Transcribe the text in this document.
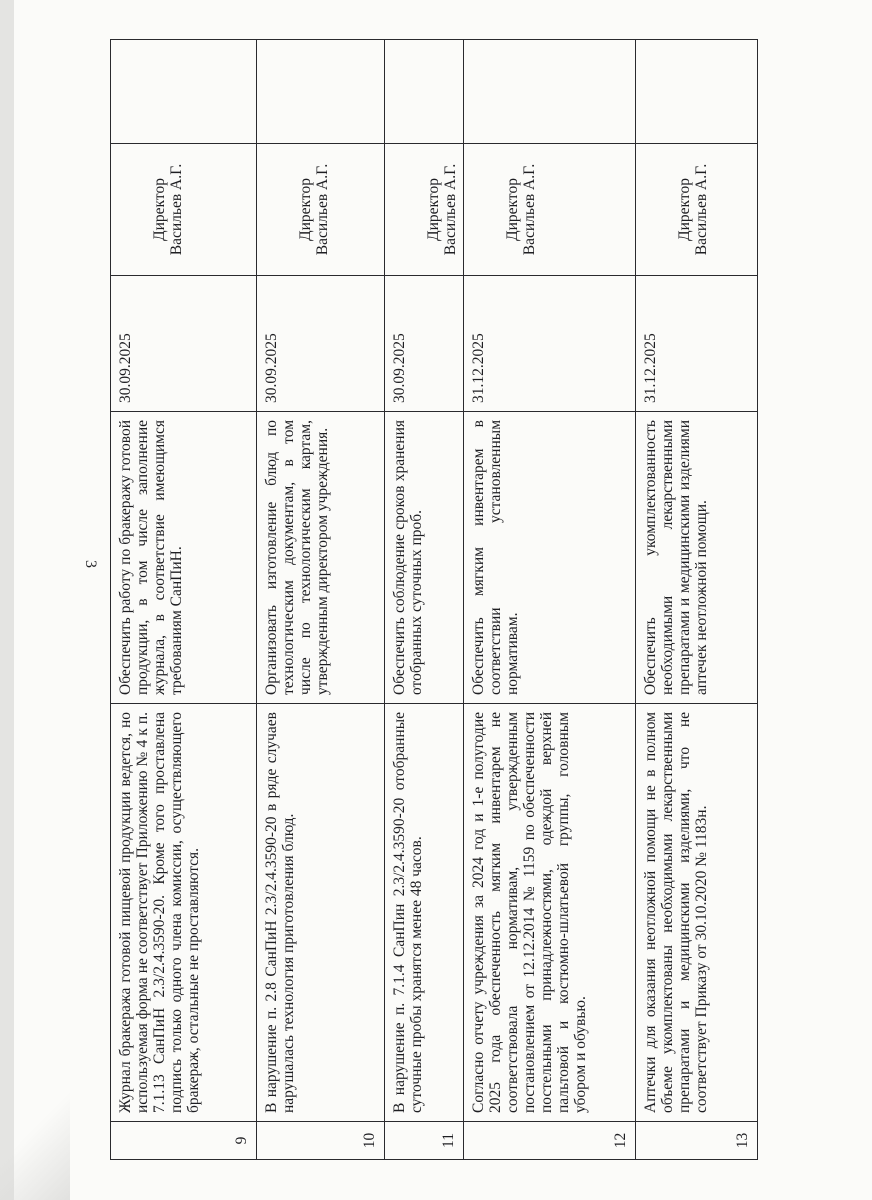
3
9	Журнал бракеража готовой пищевой продукции ведется, но используемая форма не соответствует Приложению № 4 к п. 7.1.13 СанПиН 2.3/2.4.3590-20. Кроме того проставлена подпись только одного члена комиссии, осуществляющего бракераж, остальные не проставляются.	Обеспечить работу по бракеражу готовой продукции, в том числе заполнение журнала, в соответствие имеющимся требованиям СанПиН.	30.09.2025	Директор Васильев А.Г.	
10	В нарушение п. 2.8 СанПиН 2.3/2.4.3590-20 в ряде случаев нарушалась технология приготовления блюд.	Организовать изготовление блюд по технологическим документам, в том числе по технологическим картам, утвержденным директором учреждения.	30.09.2025	Директор Васильев А.Г.	
11	В нарушение п. 7.1.4 СанПин 2.3/2.4.3590-20 отобранные суточные пробы хранятся менее 48 часов.	Обеспечить соблюдение сроков хранения отобранных суточных проб.	30.09.2025	Директор Васильев А.Г.	
12	Согласно отчету учреждения за 2024 год и 1-е полугодие 2025 года обеспеченность мягким инвентарем не соответствовала нормативам, утвержденным постановлением от 12.12.2014 № 1159 по обеспеченности постельными принадлежностями, одеждой верхней пальтовой и костюмно-шлатьевой группы, головным убором и обувью.	Обеспечить мягким инвентарем в соответствии установленным нормативам.	31.12.2025	Директор Васильев А.Г.	
13	Аптечки для оказания неотложной помощи не в полном объеме укомплектованы необходимыми лекарственными препаратами и медицинскими изделиями, что не соответствует Приказу от 30.10.2020 № 1183н.	Обеспечить укомплектованность необходимыми лекарственными препаратами и медицинскими изделиями аптечек неотложной помощи.	31.12.2025	Директор Васильев А.Г.	
